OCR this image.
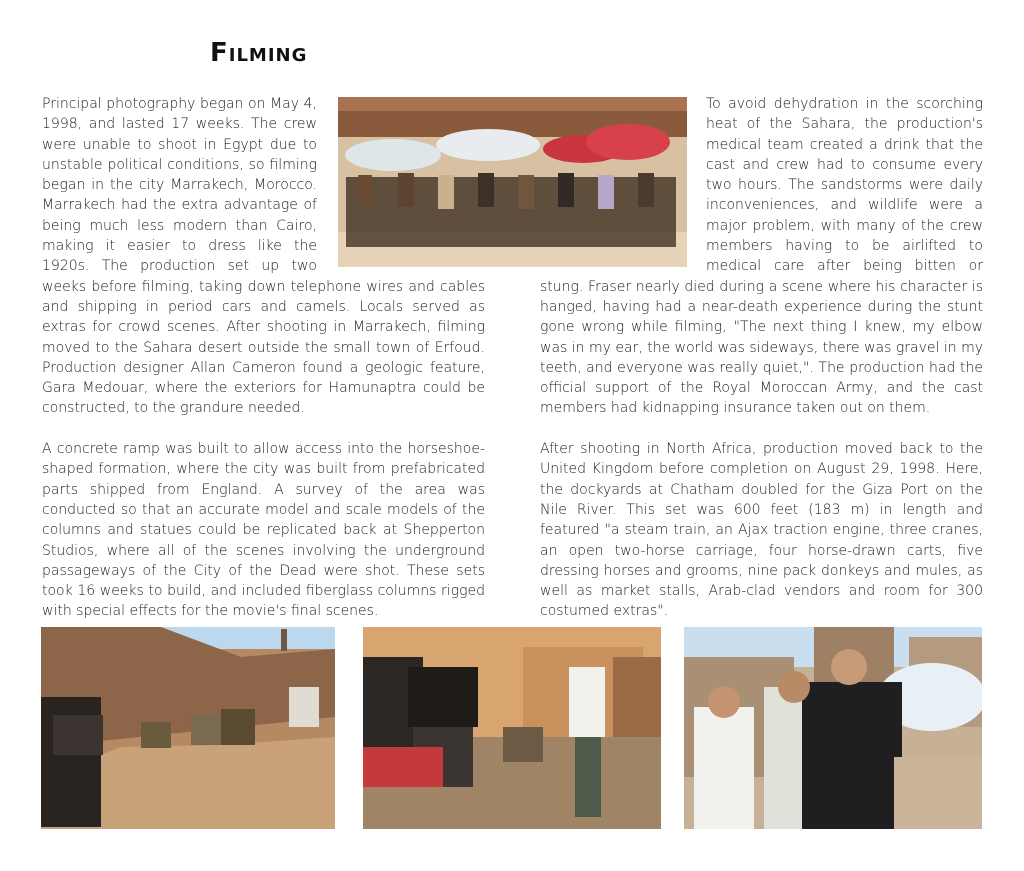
Filming

Principal photography began on May 4, 1998, and lasted 17 weeks. The crew were unable to shoot in Egypt due to unstable political conditions, so filming began in the city Marrakech, Morocco. Marrakech had the extra advantage of being much less modern than Cairo, making it easier to dress like the 1920s. The production set up two weeks before filming, taking down telephone wires and cables and shipping in period cars and camels. Locals served as extras for crowd scenes. After shooting in Marrakech, filming moved to the Sahara desert outside the small town of Erfoud. Production designer Allan Cameron found a geologic feature, Gara Medouar, where the exteriors for Hamunaptra could be constructed, to the grandure needed.

A concrete ramp was built to allow access into the horseshoe-shaped formation, where the city was built from prefabricated parts shipped from England. A survey of the area was conducted so that an accurate model and scale models of the columns and statues could be replicated back at Shepperton Studios, where all of the scenes involving the underground passageways of the City of the Dead were shot. These sets took 16 weeks to build, and included fiberglass columns rigged with special effects for the movie's final scenes.

To avoid dehydration in the scorching heat of the Sahara, the production's medical team created a drink that the cast and crew had to consume every two hours. The sandstorms were daily inconveniences, and wildlife were a major problem, with many of the crew members having to be airlifted to medical care after being bitten or stung. Fraser nearly died during a scene where his character is hanged, having had a near-death experience during the stunt gone wrong while filming, "The next thing I knew, my elbow was in my ear, the world was sideways, there was gravel in my teeth, and everyone was really quiet,". The production had the official support of the Royal Moroccan Army, and the cast members had kidnapping insurance taken out on them.

After shooting in North Africa, production moved back to the United Kingdom before completion on August 29, 1998. Here, the dockyards at Chatham doubled for the Giza Port on the Nile River. This set was 600 feet (183 m) in length and featured "a steam train, an Ajax traction engine, three cranes, an open two-horse carriage, four horse-drawn carts, five dressing horses and grooms, nine pack donkeys and mules, as well as market stalls, Arab-clad vendors and room for 300 costumed extras".
